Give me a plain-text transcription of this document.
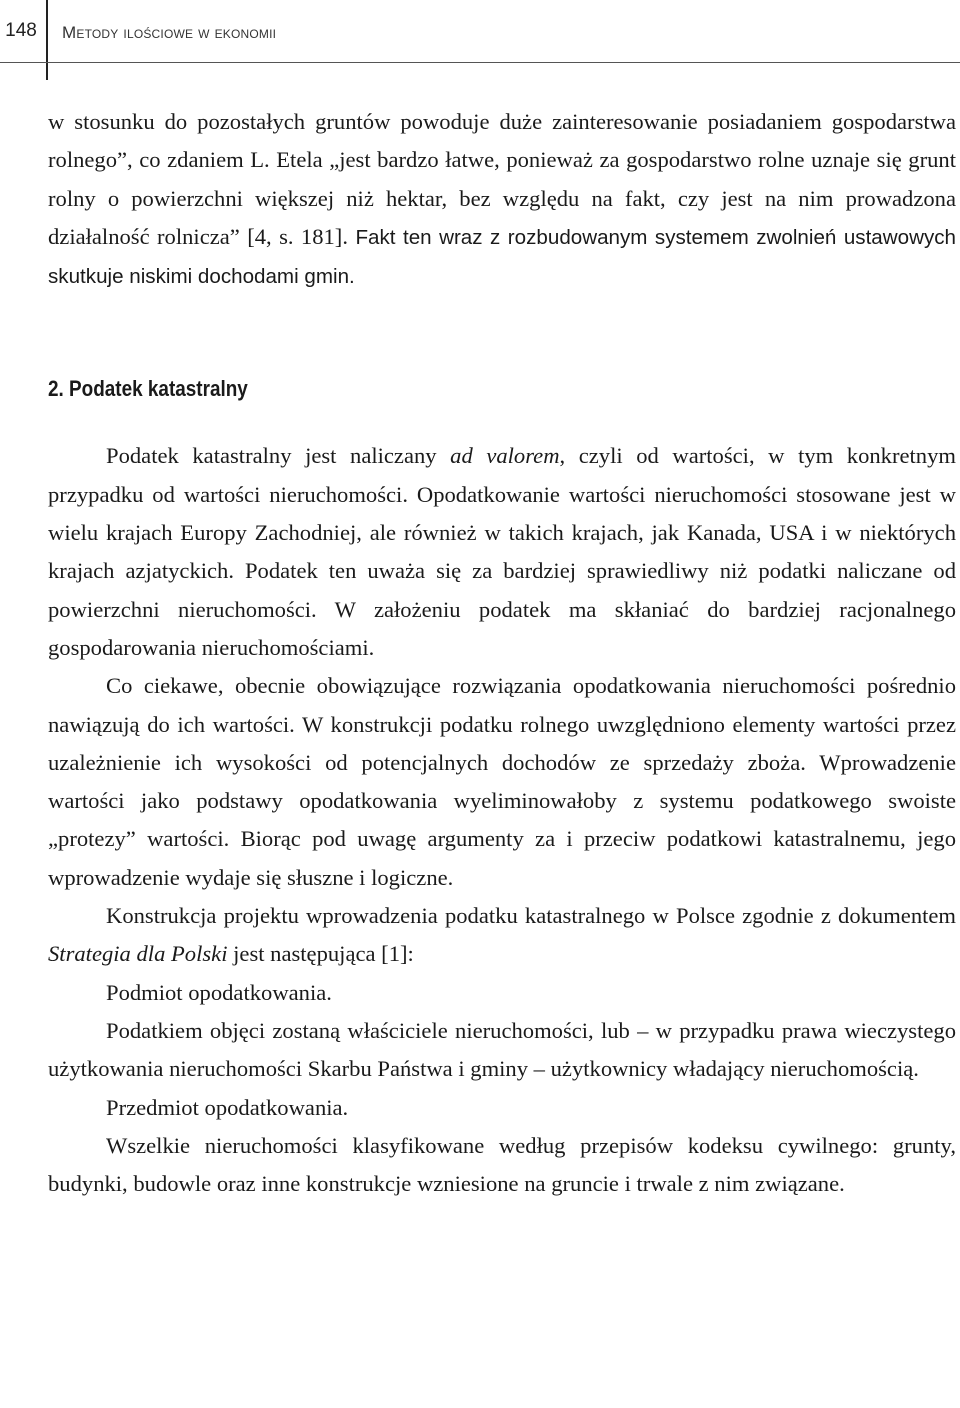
148	Metody ilościowe w ekonomii

w stosunku do pozostałych gruntów powoduje duże zainteresowanie posiadaniem gospodarstwa rolnego”, co zdaniem L. Etela „jest bardzo łatwe, ponieważ za gospodarstwo rolne uznaje się grunt rolny o powierzchni większej niż hektar, bez względu na fakt, czy jest na nim prowadzona działalność rolnicza” [4, s. 181]. Fakt ten wraz z rozbudowanym systemem zwolnień ustawowych skutkuje niskimi dochodami gmin.

2. Podatek katastralny

Podatek katastralny jest naliczany ad valorem, czyli od wartości, w tym konkretnym przypadku od wartości nieruchomości. Opodatkowanie wartości nieruchomości stosowane jest w wielu krajach Europy Zachodniej, ale również w takich krajach, jak Kanada, USA i w niektórych krajach azjatyckich. Podatek ten uważa się za bardziej sprawiedliwy niż podatki naliczane od powierzchni nieruchomości. W założeniu podatek ma skłaniać do bardziej racjonalnego gospodarowania nieruchomościami.

Co ciekawe, obecnie obowiązujące rozwiązania opodatkowania nieruchomości pośrednio nawiązują do ich wartości. W konstrukcji podatku rolnego uwzględniono elementy wartości przez uzależnienie ich wysokości od potencjalnych dochodów ze sprzedaży zboża. Wprowadzenie wartości jako podstawy opodatkowania wyeliminowałoby z systemu podatkowego swoiste „protezy” wartości. Biorąc pod uwagę argumenty za i przeciw podatkowi katastralnemu, jego wprowadzenie wydaje się słuszne i logiczne.

Konstrukcja projektu wprowadzenia podatku katastralnego w Polsce zgodnie z dokumentem Strategia dla Polski jest następująca [1]:

Podmiot opodatkowania.

Podatkiem objęci zostaną właściciele nieruchomości, lub – w przypadku prawa wieczystego użytkowania nieruchomości Skarbu Państwa i gminy – użytkownicy władający nieruchomością.

Przedmiot opodatkowania.

Wszelkie nieruchomości klasyfikowane według przepisów kodeksu cywilnego: grunty, budynki, budowle oraz inne konstrukcje wzniesione na gruncie i trwale z nim związane.
